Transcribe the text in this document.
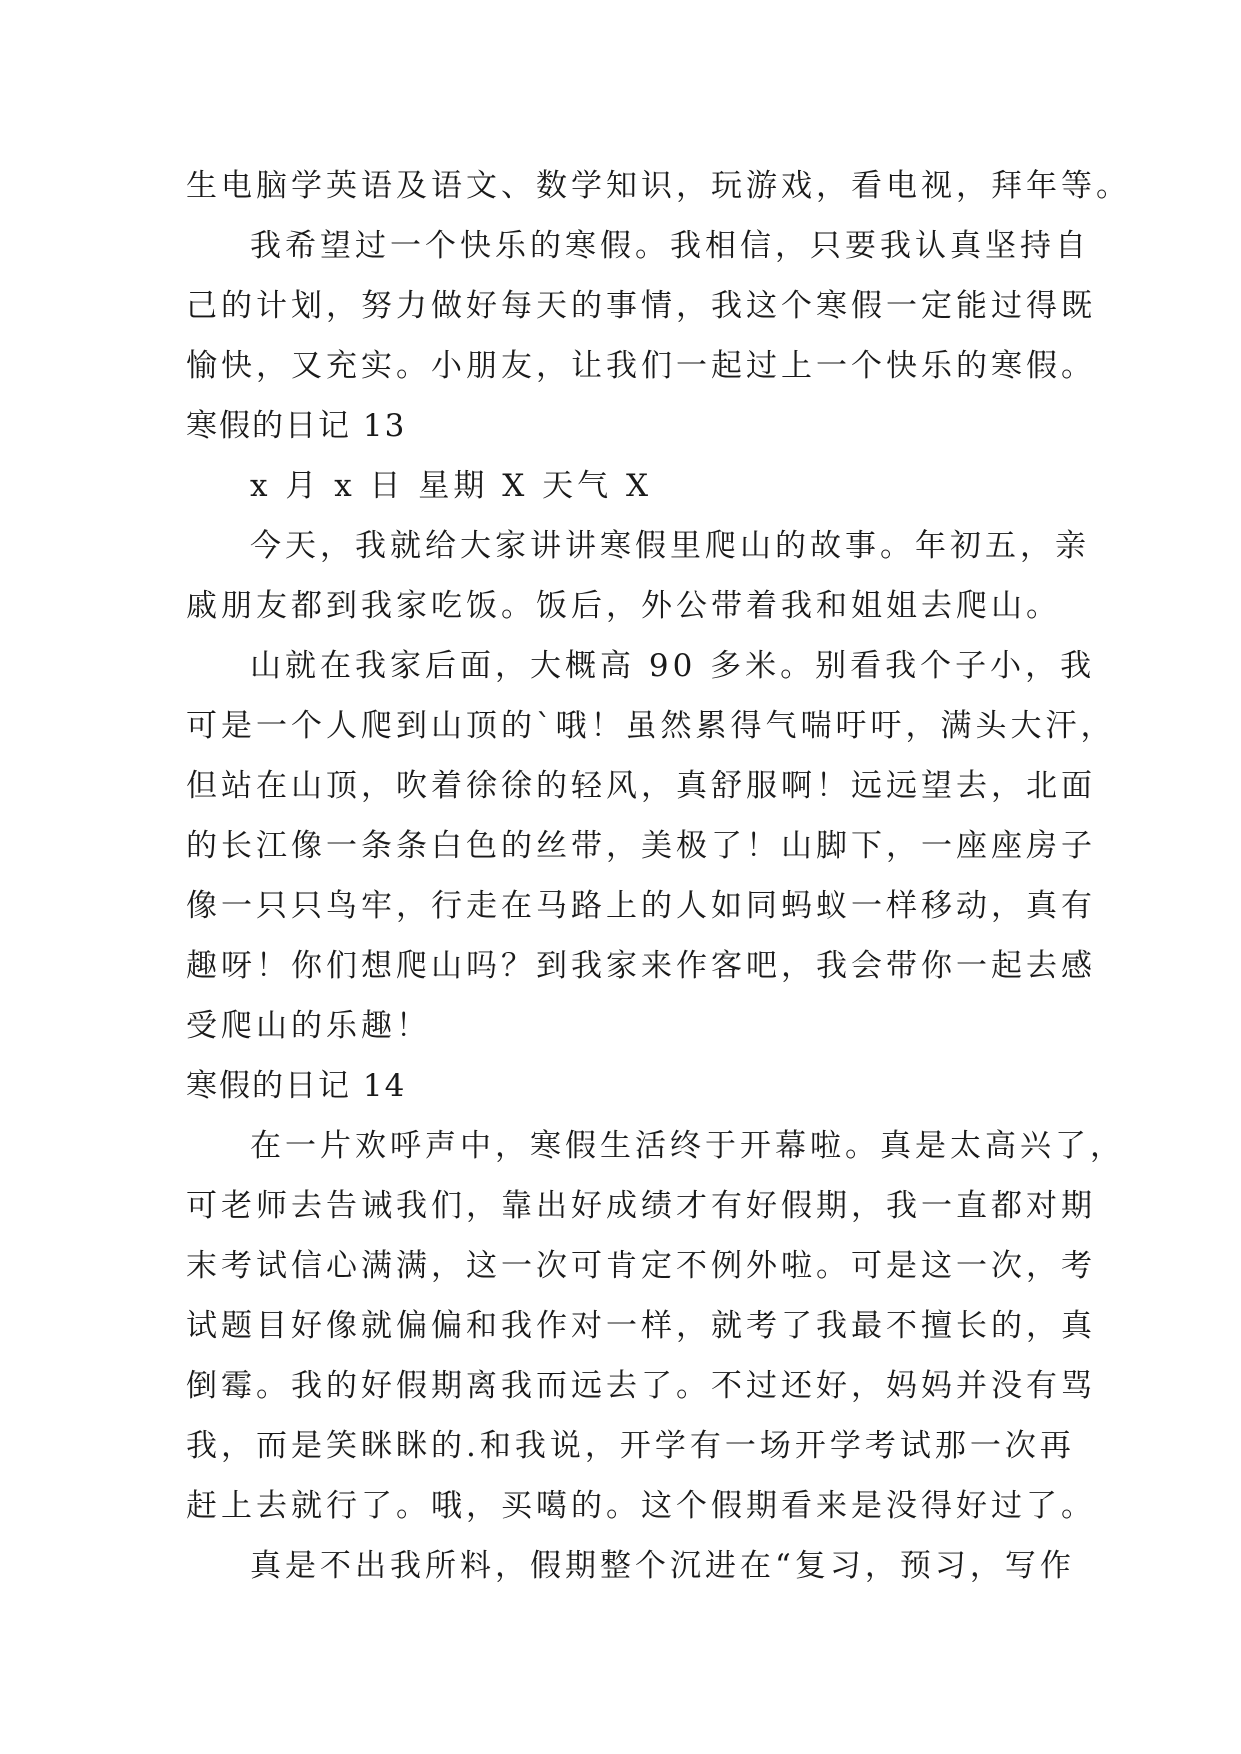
生电脑学英语及语文、数学知识，玩游戏，看电视，拜年等。
我希望过一个快乐的寒假。我相信，只要我认真坚持自
己的计划，努力做好每天的事情，我这个寒假一定能过得既
愉快，又充实。小朋友，让我们一起过上一个快乐的寒假。
寒假的日记 13
x 月 x 日 星期 X 天气 X
今天，我就给大家讲讲寒假里爬山的故事。年初五，亲
戚朋友都到我家吃饭。饭后，外公带着我和姐姐去爬山。
山就在我家后面，大概高 90 多米。别看我个子小，我
可是一个人爬到山顶的`哦！虽然累得气喘吁吁，满头大汗，
但站在山顶，吹着徐徐的轻风，真舒服啊！远远望去，北面
的长江像一条条白色的丝带，美极了！山脚下，一座座房子
像一只只鸟牢，行走在马路上的人如同蚂蚁一样移动，真有
趣呀！你们想爬山吗？到我家来作客吧，我会带你一起去感
受爬山的乐趣！
寒假的日记 14
在一片欢呼声中，寒假生活终于开幕啦。真是太高兴了，
可老师去告诫我们，靠出好成绩才有好假期，我一直都对期
末考试信心满满，这一次可肯定不例外啦。可是这一次，考
试题目好像就偏偏和我作对一样，就考了我最不擅长的，真
倒霉。我的好假期离我而远去了。不过还好，妈妈并没有骂
我，而是笑眯眯的.和我说，开学有一场开学考试那一次再
赶上去就行了。哦，买噶的。这个假期看来是没得好过了。
真是不出我所料，假期整个沉进在“复习，预习，写作
